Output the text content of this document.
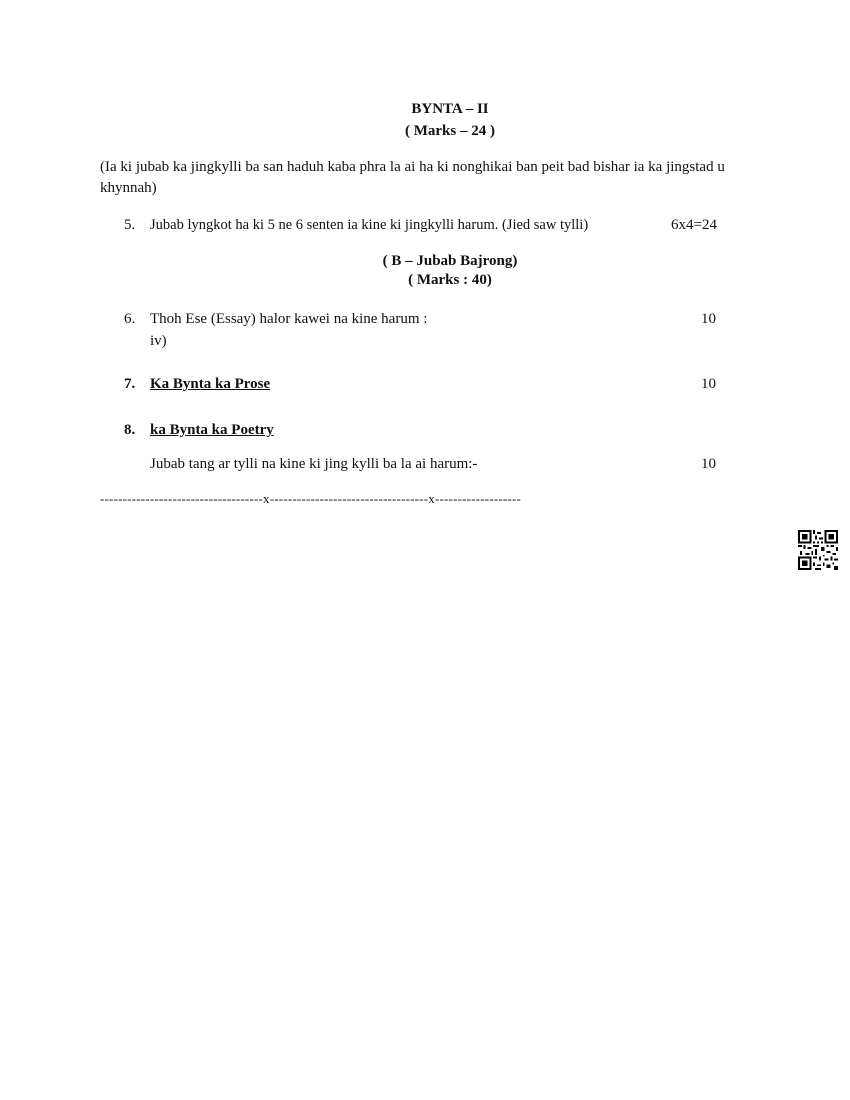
BYNTA – II
( Marks – 24 )
(Ia ki jubab ka jingkylli ba san haduh kaba phra la ai ha ki nonghikai ban peit bad bishar ia ka jingstad u khynnah)
5. Jubab lyngkot ha ki 5 ne 6 senten ia kine ki jingkylli harum. (Jied saw tylli)	6x4=24
( B – Jubab Bajrong)
( Marks : 40)
6. Thoh Ese (Essay) halor kawei na kine harum :	10
iv)
7. Ka Bynta ka Prose	10
8. ka Bynta ka Poetry
Jubab tang ar tylli na kine ki jing kylli ba la ai harum:-	10
------------------------------------x-----------------------------------x-------------------
